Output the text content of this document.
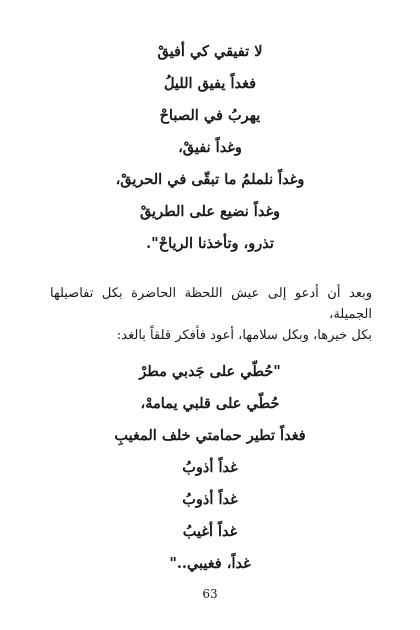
لا تفيقي كي أفيقْ
فغداً يفيق الليلُ
يهربُ في الصباحْ
وغداً نفيقْ،
وغداً نلملمُ ما تبقّى في الحريقْ،
وغداً نضيع على الطريقْ
تذرو، وتأخذنا الرياحْ".
وبعد أن أدعو إلى عيش اللحظة الحاضرة بكل تفاصيلها الجميلة،
بكل خيرها، وبكل سلامها، أعود فأفكر قلقاً بالغد:
"حُطّي على جَدبي مطرْ
حُطّي على قلبي يمامهْ،
فغداً تطير حمامتي خلف المغيبِ
غداً أذوبُ
غداً أذوبُ
غداً أغيبُ
غداً، فغيبي.."
63
